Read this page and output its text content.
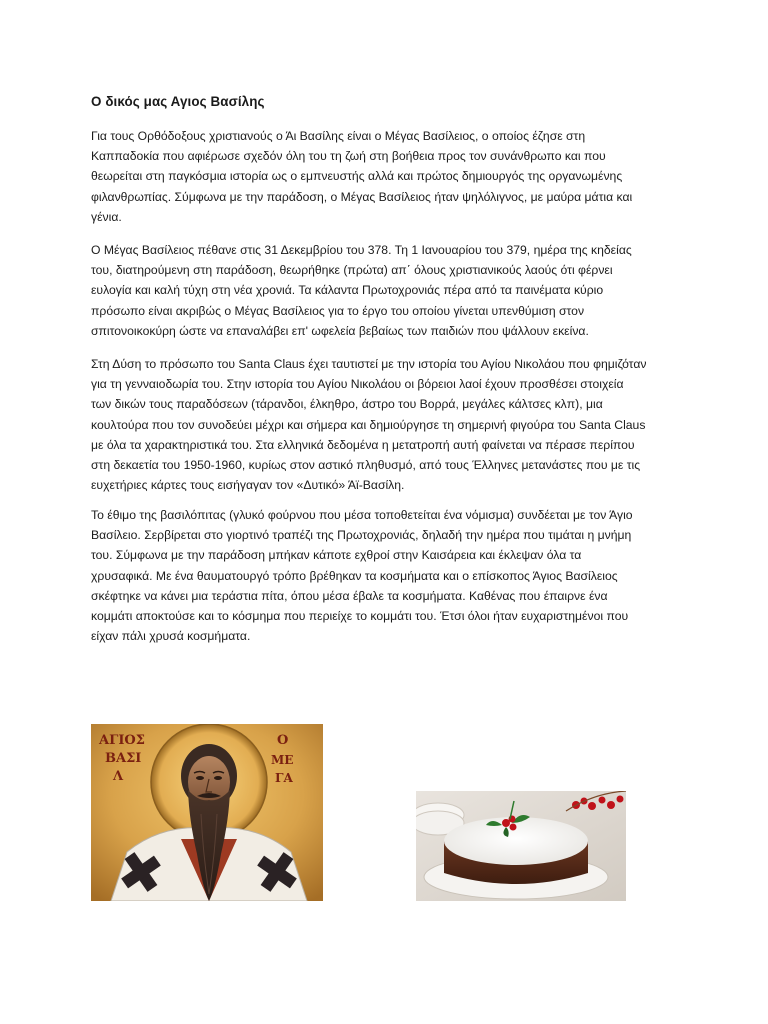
Ο δικός μας Αγιος Βασίλης
Για τους Ορθόδοξους χριστιανούς ο Άι Βασίλης είναι ο Μέγας Βασίλειος, ο οποίος έζησε στη
Καππαδοκία που αφιέρωσε σχεδόν όλη του τη ζωή στη βοήθεια προς τον συνάνθρωπο και που
θεωρείται στη παγκόσμια ιστορία ως ο εμπνευστής αλλά και πρώτος δημιουργός της οργανωμένης
φιλανθρωπίας. Σύμφωνα με την παράδοση, ο Μέγας Βασίλειος ήταν ψηλόλιγνος, με μαύρα μάτια και
γένια.
Ο Μέγας Βασίλειος πέθανε στις 31 Δεκεμβρίου του 378. Τη 1 Ιανουαρίου του 379, ημέρα της κηδείας
του, διατηρούμενη στη παράδοση, θεωρήθηκε (πρώτα) απ΄ όλους χριστιανικούς λαούς ότι φέρνει
ευλογία και καλή τύχη στη νέα χρονιά. Τα κάλαντα Πρωτοχρονιάς πέρα από τα παινέματα κύριο
πρόσωπο είναι ακριβώς ο Μέγας Βασίλειος για το έργο του οποίου γίνεται υπενθύμιση στον
σπιτονοικοκύρη ώστε να επαναλάβει επ' ωφελεία βεβαίως των παιδιών που ψάλλουν εκείνα.
Στη Δύση το πρόσωπο του Santa Claus έχει ταυτιστεί με την ιστορία του Αγίου Νικολάου που φημιζόταν
για τη γενναιοδωρία του. Στην ιστορία του Αγίου Νικολάου οι βόρειοι λαοί έχουν προσθέσει στοιχεία
των δικών τους παραδόσεων (τάρανδοι, έλκηθρο, άστρο του Βορρά, μεγάλες κάλτσες κλπ), μια
κουλτούρα που τον συνοδεύει μέχρι και σήμερα και δημιούργησε τη σημερινή φιγούρα του Santa Claus
με όλα τα χαρακτηριστικά του. Στα ελληνικά δεδομένα η μετατροπή αυτή φαίνεται να πέρασε περίπου
στη δεκαετία του 1950-1960, κυρίως στον αστικό πληθυσμό, από τους Έλληνες μετανάστες που με τις
ευχετήριες κάρτες τους εισήγαγαν τον «Δυτικό» Άϊ-Βασίλη.
Το έθιμο της βασιλόπιτας (γλυκό φούρνου που μέσα τοποθετείται ένα νόμισμα) συνδέεται με τον Άγιο
Βασίλειο. Σερβίρεται στο γιορτινό τραπέζι της Πρωτοχρονιάς, δηλαδή την ημέρα που τιμάται η μνήμη
του. Σύμφωνα με την παράδοση μπήκαν κάποτε εχθροί στην Καισάρεια και έκλεψαν όλα τα
χρυσαφικά. Με ένα θαυματουργό τρόπο βρέθηκαν τα κοσμήματα και ο επίσκοπος Άγιος Βασίλειος
σκέφτηκε να κάνει μια τεράστια πίτα, όπου μέσα έβαλε τα κοσμήματα. Καθένας που έπαιρνε ένα
κομμάτι αποκτούσε και το κόσμημα που περιείχε το κομμάτι του. Έτσι όλοι ήταν ευχαριστημένοι που
είχαν πάλι χρυσά κοσμήματα.
ΑΓΙΟΣ
ΒΑΣΙ
Λ
Ο
ΜΕ
ΓΑ
